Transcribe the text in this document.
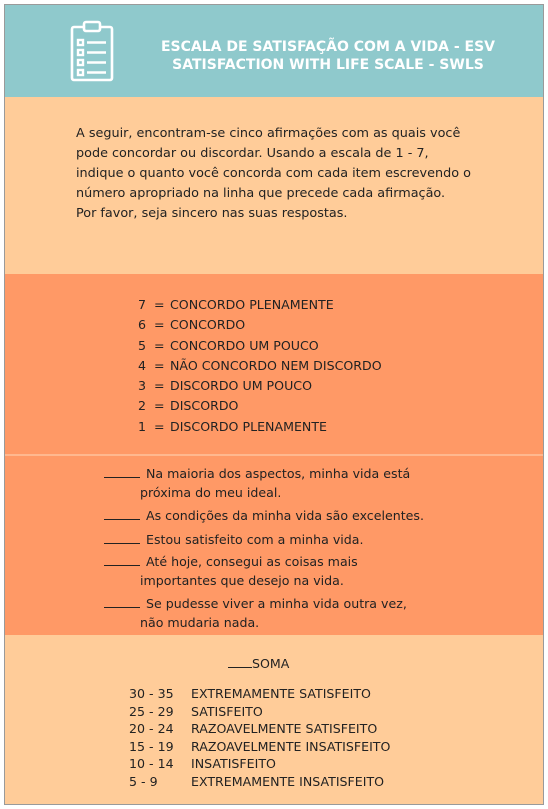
ESCALA DE SATISFAÇÃO COM A VIDA - ESV
SATISFACTION WITH LIFE SCALE - SWLS

A seguir, encontram-se cinco afirmações com as quais você pode concordar ou discordar. Usando a escala de 1 - 7, indique o quanto você concorda com cada item escrevendo o número apropriado na linha que precede cada afirmação.
Por favor, seja sincero nas suas respostas.

7 = CONCORDO PLENAMENTE
6 = CONCORDO
5 = CONCORDO UM POUCO
4 = NÃO CONCORDO NEM DISCORDO
3 = DISCORDO UM POUCO
2 = DISCORDO
1 = DISCORDO PLENAMENTE
Na maioria dos aspectos, minha vida está
próxima do meu ideal.
As condições da minha vida são excelentes.
Estou satisfeito com a minha vida.
Até hoje, consegui as coisas mais
importantes que desejo na vida.
Se pudesse viver a minha vida outra vez,
não mudaria nada.
SOMA
30 - 35 EXTREMAMENTE SATISFEITO
25 - 29 SATISFEITO
20 - 24 RAZOAVELMENTE SATISFEITO
15 - 19 RAZOAVELMENTE INSATISFEITO
10 - 14 INSATISFEITO
5 - 9	EXTREMAMENTE INSATISFEITO
